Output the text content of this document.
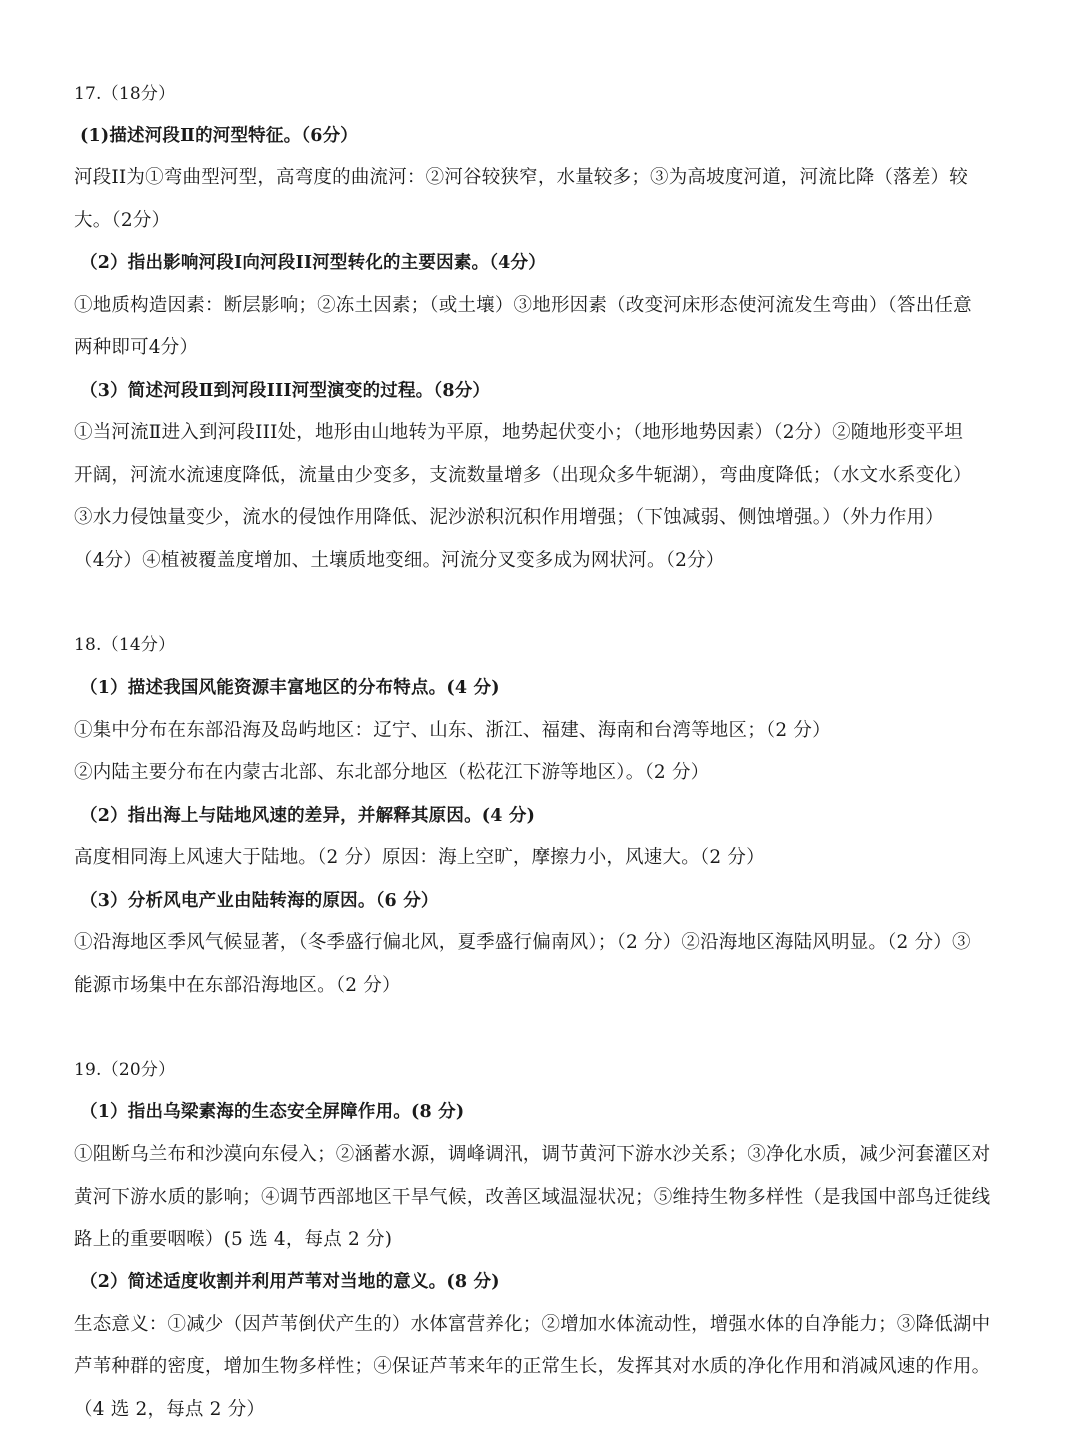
17.（18分）
(1)描述河段Ⅱ的河型特征。（6分）
河段II为①弯曲型河型，高弯度的曲流河：②河谷较狭窄，水量较多；③为高坡度河道，河流比降（落差）较
大。（2分）
（2）指出影响河段I向河段II河型转化的主要因素。（4分）
①地质构造因素：断层影响；②冻土因素；（或土壤）③地形因素（改变河床形态使河流发生弯曲）（答出任意
两种即可4分）
（3）简述河段Ⅱ到河段III河型演变的过程。（8分）
①当河流Ⅱ进入到河段III处，地形由山地转为平原，地势起伏变小；（地形地势因素）（2分）②随地形变平坦
开阔，河流水流速度降低，流量由少变多，支流数量增多（出现众多牛轭湖），弯曲度降低；（水文水系变化）
③水力侵蚀量变少，流水的侵蚀作用降低、泥沙淤积沉积作用增强；（下蚀减弱、侧蚀增强。）（外力作用）
（4分）④植被覆盖度增加、土壤质地变细。河流分叉变多成为网状河。（2分）
18.（14分）
（1）描述我国风能资源丰富地区的分布特点。(4 分)
①集中分布在东部沿海及岛屿地区：辽宁、山东、浙江、福建、海南和台湾等地区；（2 分）
②内陆主要分布在内蒙古北部、东北部分地区（松花江下游等地区）。（2 分）
（2）指出海上与陆地风速的差异，并解释其原因。(4 分)
高度相同海上风速大于陆地。（2 分）原因：海上空旷，摩擦力小，风速大。（2 分）
（3）分析风电产业由陆转海的原因。（6 分）
①沿海地区季风气候显著，（冬季盛行偏北风，夏季盛行偏南风）；（2 分）②沿海地区海陆风明显。（2 分）③
能源市场集中在东部沿海地区。（2 分）
19.（20分）
（1）指出乌梁素海的生态安全屏障作用。(8 分)
①阻断乌兰布和沙漠向东侵入；②涵蓄水源，调峰调汛，调节黄河下游水沙关系；③净化水质，减少河套灌区对
黄河下游水质的影响；④调节西部地区干旱气候，改善区域温湿状况；⑤维持生物多样性（是我国中部鸟迁徙线
路上的重要咽喉）(5 选 4，每点 2 分)
（2）简述适度收割并利用芦苇对当地的意义。(8 分)
生态意义：①减少（因芦苇倒伏产生的）水体富营养化；②增加水体流动性，增强水体的自净能力；③降低湖中
芦苇种群的密度，增加生物多样性；④保证芦苇来年的正常生长，发挥其对水质的净化作用和消减风速的作用。
（4 选 2，每点 2 分）
